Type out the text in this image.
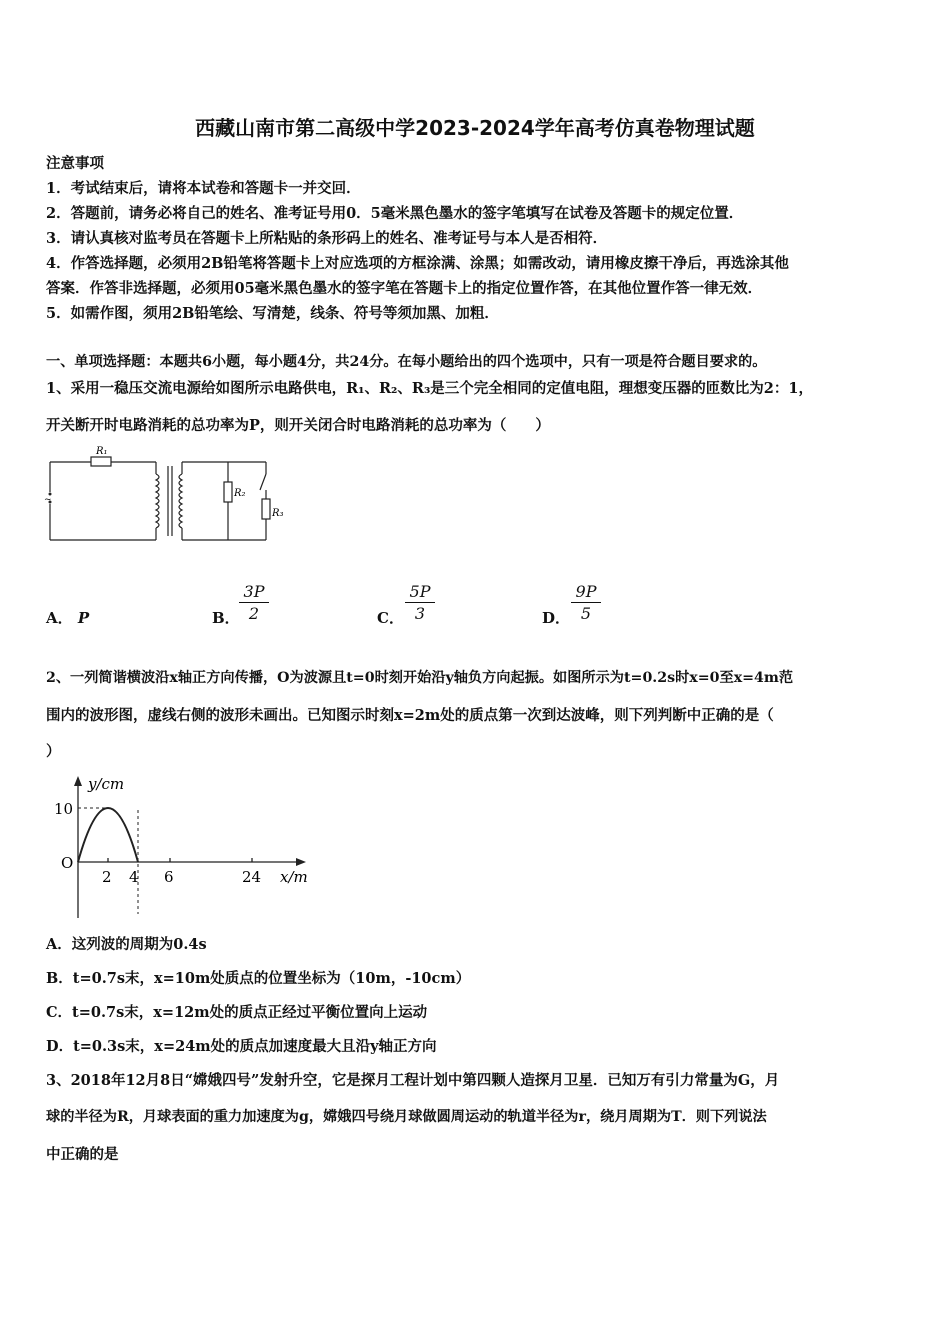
西藏山南市第二高级中学2023-2024学年高考仿真卷物理试题
注意事项
1．考试结束后，请将本试卷和答题卡一并交回．
2．答题前，请务必将自己的姓名、准考证号用0．5毫米黑色墨水的签字笔填写在试卷及答题卡的规定位置．
3．请认真核对监考员在答题卡上所粘贴的条形码上的姓名、准考证号与本人是否相符．
4．作答选择题，必须用2B铅笔将答题卡上对应选项的方框涂满、涂黑；如需改动，请用橡皮擦干净后，再选涂其他
答案．作答非选择题，必须用05毫米黑色墨水的签字笔在答题卡上的指定位置作答，在其他位置作答一律无效．
5．如需作图，须用2B铅笔绘、写清楚，线条、符号等须加黑、加粗．
一、单项选择题：本题共6小题，每小题4分，共24分。在每小题给出的四个选项中，只有一项是符合题目要求的。
1、采用一稳压交流电源给如图所示电路供电，R₁、R₂、R₃是三个完全相同的定值电阻，理想变压器的匝数比为2：1，
开关断开时电路消耗的总功率为P，则开关闭合时电路消耗的总功率为（　　）
~
R₁
R₂
R₃
A． P	B． $\frac{3P}{2}$	C． $\frac{5P}{3}$	D． $\frac{9P}{5}$
2、一列简谐横波沿x轴正方向传播，O为波源且t=0时刻开始沿y轴负方向起振。如图所示为t=0.2s时x=0至x=4m范
围内的波形图，虚线右侧的波形未画出。已知图示时刻x=2m处的质点第一次到达波峰，则下列判断中正确的是（
）
y/cm
10
O
2 4 6	24 x/m
A．这列波的周期为0.4s
B．t=0.7s末，x=10m处质点的位置坐标为（10m，-10cm）
C．t=0.7s末，x=12m处的质点正经过平衡位置向上运动
D．t=0.3s末，x=24m处的质点加速度最大且沿y轴正方向
3、2018年12月8日“嫦娥四号”发射升空，它是探月工程计划中第四颗人造探月卫星．已知万有引力常量为G，月
球的半径为R，月球表面的重力加速度为g，嫦娥四号绕月球做圆周运动的轨道半径为r，绕月周期为T．则下列说法
中正确的是
